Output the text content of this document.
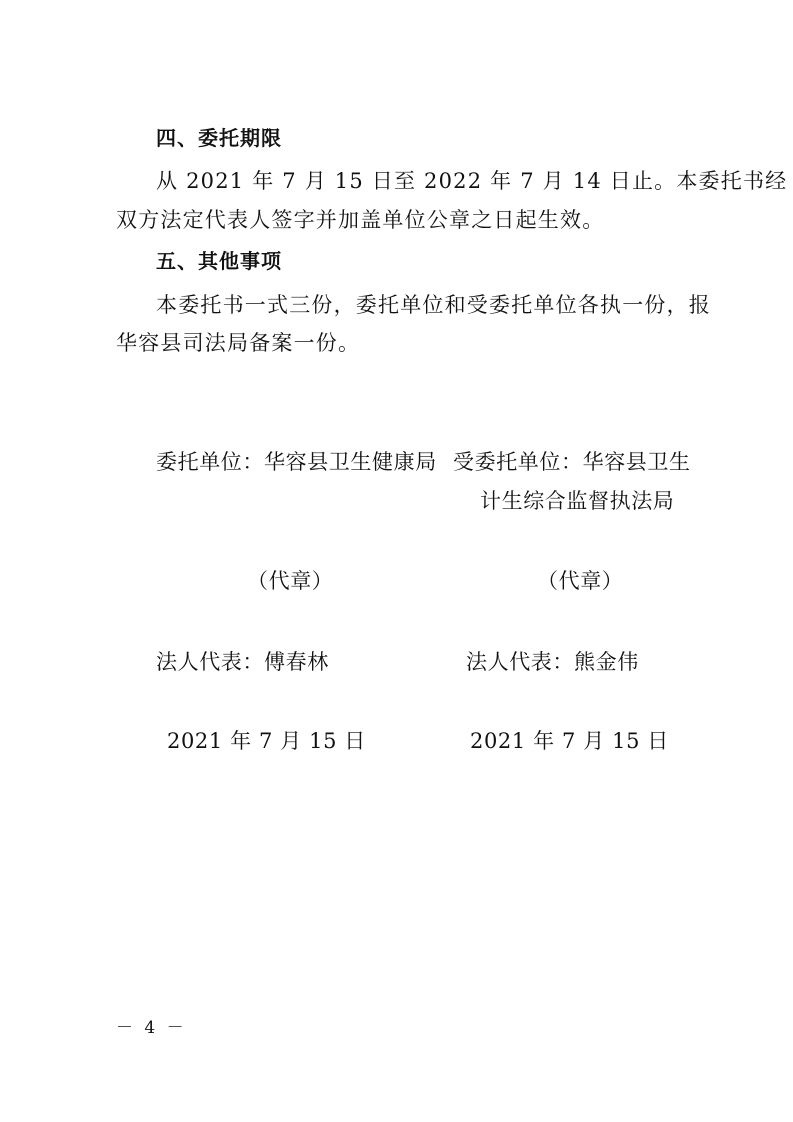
四、委托期限
从 2021 年 7 月 15 日至 2022 年 7 月 14 日止。本委托书经
双方法定代表人签字并加盖单位公章之日起生效。
五、其他事项
本委托书一式三份，委托单位和受委托单位各执一份，报
华容县司法局备案一份。
委托单位：华容县卫生健康局
（代章）
法人代表：傅春林
2021 年 7 月 15 日
受委托单位：华容县卫生
计生综合监督执法局
（代章）
法人代表：熊金伟
2021 年 7 月 15 日
－ 4 －
